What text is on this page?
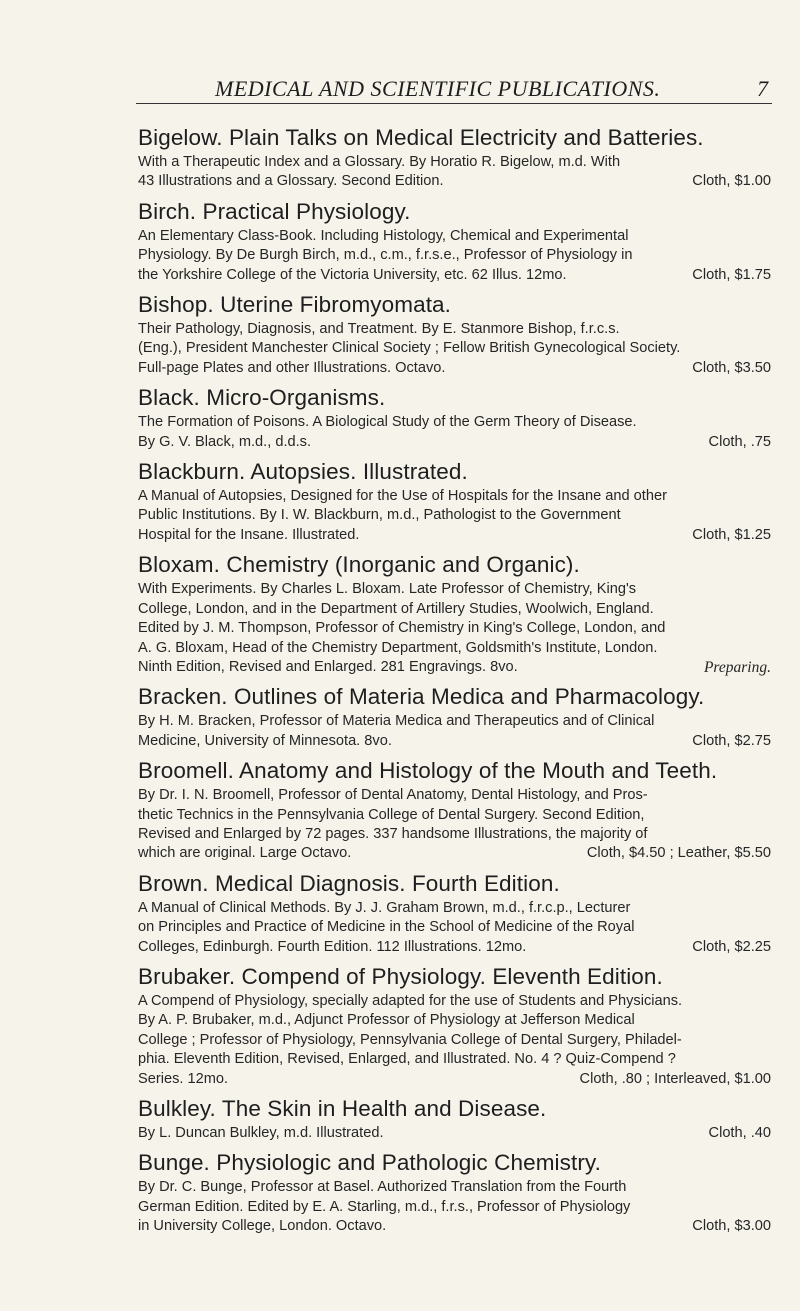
MEDICAL AND SCIENTIFIC PUBLICATIONS.	7
Bigelow. Plain Talks on Medical Electricity and Batteries.
With a Therapeutic Index and a Glossary. By Horatio R. Bigelow, m.d. With
Cloth, $1.00
43 Illustrations and a Glossary. Second Edition.
Birch. Practical Physiology.
An Elementary Class-Book. Including Histology, Chemical and Experimental
Physiology. By De Burgh Birch, m.d., c.m., f.r.s.e., Professor of Physiology in
Cloth, $1.75
the Yorkshire College of the Victoria University, etc. 62 Illus. 12mo.
Bishop. Uterine Fibromyomata.
Their Pathology, Diagnosis, and Treatment. By E. Stanmore Bishop, f.r.c.s.
(Eng.), President Manchester Clinical Society ; Fellow British Gynecological Society.
Cloth, $3.50
Full-page Plates and other Illustrations. Octavo.
Black. Micro-Organisms.
The Formation of Poisons. A Biological Study of the Germ Theory of Disease.
Cloth, .75
By G. V. Black, m.d., d.d.s.
Blackburn. Autopsies. Illustrated.
A Manual of Autopsies, Designed for the Use of Hospitals for the Insane and other
Public Institutions. By I. W. Blackburn, m.d., Pathologist to the Government
Cloth, $1.25
Hospital for the Insane. Illustrated.
Bloxam. Chemistry (Inorganic and Organic).
With Experiments. By Charles L. Bloxam. Late Professor of Chemistry, King's
College, London, and in the Department of Artillery Studies, Woolwich, England.
Edited by J. M. Thompson, Professor of Chemistry in King's College, London, and
A. G. Bloxam, Head of the Chemistry Department, Goldsmith's Institute, London.
Preparing.
Ninth Edition, Revised and Enlarged. 281 Engravings. 8vo.
Bracken. Outlines of Materia Medica and Pharmacology.
By H. M. Bracken, Professor of Materia Medica and Therapeutics and of Clinical
Cloth, $2.75
Medicine, University of Minnesota. 8vo.
Broomell. Anatomy and Histology of the Mouth and Teeth.
By Dr. I. N. Broomell, Professor of Dental Anatomy, Dental Histology, and Pros-
thetic Technics in the Pennsylvania College of Dental Surgery. Second Edition,
Revised and Enlarged by 72 pages. 337 handsome Illustrations, the majority of
Cloth, $4.50 ; Leather, $5.50
which are original. Large Octavo.
Brown. Medical Diagnosis. Fourth Edition.
A Manual of Clinical Methods. By J. J. Graham Brown, m.d., f.r.c.p., Lecturer
on Principles and Practice of Medicine in the School of Medicine of the Royal
Cloth, $2.25
Colleges, Edinburgh. Fourth Edition. 112 Illustrations. 12mo.
Brubaker. Compend of Physiology. Eleventh Edition.
A Compend of Physiology, specially adapted for the use of Students and Physicians.
By A. P. Brubaker, m.d., Adjunct Professor of Physiology at Jefferson Medical
College ; Professor of Physiology, Pennsylvania College of Dental Surgery, Philadel-
phia. Eleventh Edition, Revised, Enlarged, and Illustrated. No. 4 ? Quiz-Compend ?
Cloth, .80 ; Interleaved, $1.00
Series. 12mo.
Bulkley. The Skin in Health and Disease.
Cloth, .40
By L. Duncan Bulkley, m.d. Illustrated.
Bunge. Physiologic and Pathologic Chemistry.
By Dr. C. Bunge, Professor at Basel. Authorized Translation from the Fourth
German Edition. Edited by E. A. Starling, m.d., f.r.s., Professor of Physiology
Cloth, $3.00
in University College, London. Octavo.
